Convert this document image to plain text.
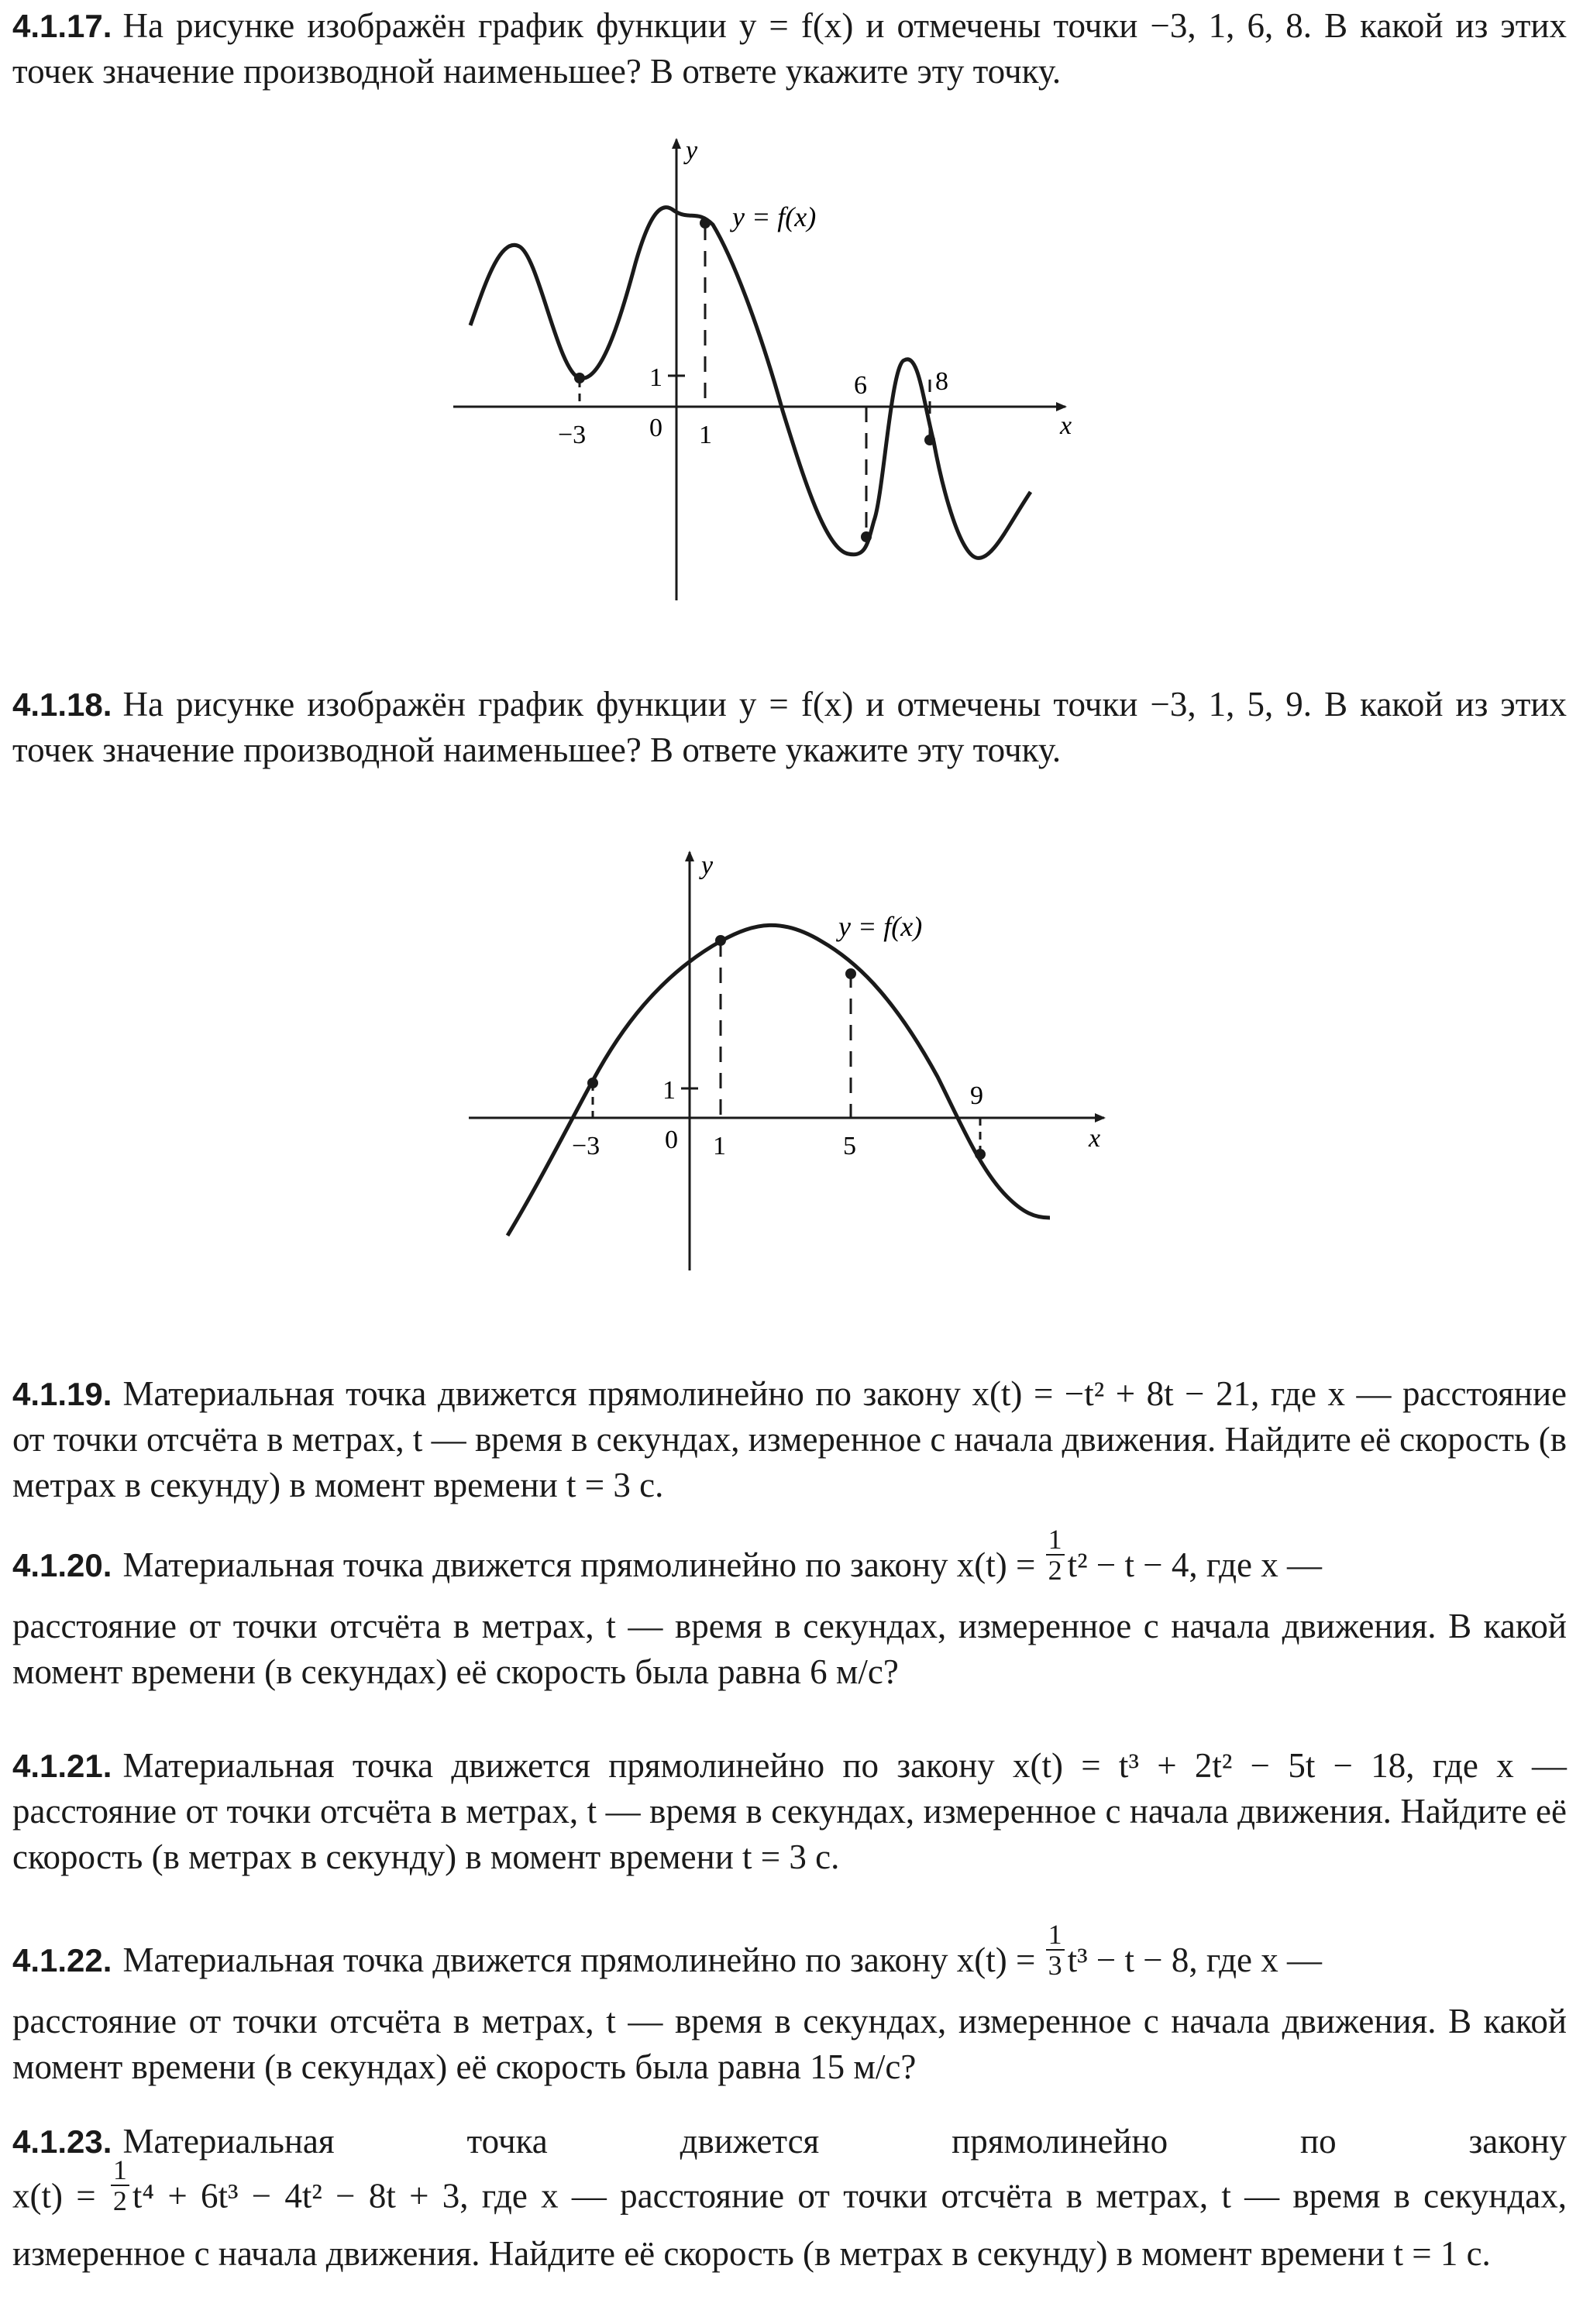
4.1.17. На рисунке изображён график функции y = f(x) и отмечены точки −3, 1, 6, 8. В какой из этих точек значение производной наименьшее? В ответе укажите эту точку.
y
x
y = f(x)
0
1
−3	1
6	8
4.1.18. На рисунке изображён график функции y = f(x) и отмечены точки −3, 1, 5, 9. В какой из этих точек значение производной наименьшее? В ответе укажите эту точку.
y
x
y = f(x)
0
1
−3	1	5
9
4.1.19. Материальная точка движется прямолинейно по закону x(t) = −t² + 8t − 21, где x — расстояние от точки отсчёта в метрах, t — время в секундах, измеренное с начала движения. Найдите её скорость (в метрах в секунду) в момент времени t = 3 с.
4.1.20. Материальная точка движется прямолинейно по закону $x(t) = \frac{1}{2} t^2 - t - 4$, где x —
расстояние от точки отсчёта в метрах, t — время в секундах, измеренное с начала движения. В какой момент времени (в секундах) её скорость была равна 6 м/с?
4.1.21. Материальная точка движется прямолинейно по закону x(t) = t³ + 2t² − 5t − 18, где x — расстояние от точки отсчёта в метрах, t — время в секундах, измеренное с начала движения. Найдите её скорость (в метрах в секунду) в момент времени t = 3 с.
4.1.22. Материальная точка движется прямолинейно по закону $x(t) = \frac{1}{3} t^3 - t - 8$, где x —
расстояние от точки отсчёта в метрах, t — время в секундах, измеренное с начала движения. В какой момент времени (в секундах) её скорость была равна 15 м/с?
4.1.23. Материальная	точка	движется	прямолинейно	по	закону
$x(t) = \frac{1}{2} t^4 + 6t^3 - 4t^2 - 8t + 3$, где x — расстояние от точки отсчёта в метрах, t — время в секундах, измеренное с начала движения. Найдите её скорость (в метрах в секунду) в момент времени t = 1 с.
